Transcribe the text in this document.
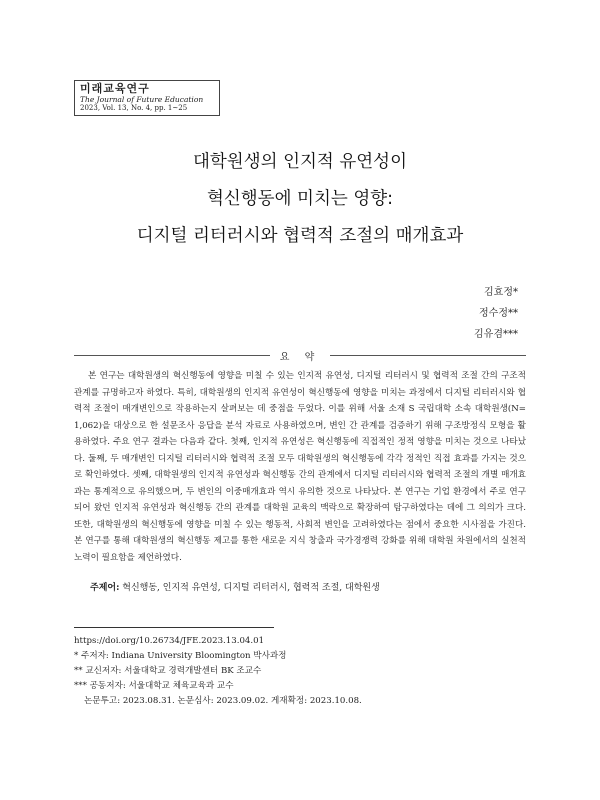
미래교육연구
The Journal of Future Education
2023, Vol. 13, No. 4, pp. 1~25
대학원생의 인지적 유연성이
혁신행동에 미치는 영향:
디지털 리터러시와 협력적 조절의 매개효과
김효정*
정수정**
김유겸***
요 약

본 연구는 대학원생의 혁신행동에 영향을 미칠 수 있는 인지적 유연성, 디지털 리터러시 및 협력적 조절 간의 구조적 관계를 규명하고자 하였다. 특히, 대학원생의 인지적 유연성이 혁신행동에 영향을 미치는 과정에서 디지털 리터러시와 협력적 조절이 매개변인으로 작용하는지 살펴보는 데 중점을 두었다. 이를 위해 서울 소재 S 국립대학 소속 대학원생(N= 1,062)을 대상으로 한 설문조사 응답을 분석 자료로 사용하였으며, 변인 간 관계를 검증하기 위해 구조방정식 모형을 활용하였다. 주요 연구 결과는 다음과 같다. 첫째, 인지적 유연성은 혁신행동에 직접적인 정적 영향을 미치는 것으로 나타났다. 둘째, 두 매개변인 디지털 리터러시와 협력적 조절 모두 대학원생의 혁신행동에 각각 정적인 직접 효과를 가지는 것으로 확인하였다. 셋째, 대학원생의 인지적 유연성과 혁신행동 간의 관계에서 디지털 리터러시와 협력적 조절의 개별 매개효과는 통계적으로 유의했으며, 두 변인의 이중매개효과 역시 유의한 것으로 나타났다. 본 연구는 기업 환경에서 주로 연구되어 왔던 인지적 유연성과 혁신행동 간의 관계를 대학원 교육의 맥락으로 확장하여 탐구하였다는 데에 그 의의가 크다. 또한, 대학원생의 혁신행동에 영향을 미칠 수 있는 행동적, 사회적 변인을 고려하였다는 점에서 중요한 시사점을 가진다. 본 연구를 통해 대학원생의 혁신행동 제고를 통한 새로운 지식 창출과 국가경쟁력 강화를 위해 대학원 차원에서의 실천적 노력이 필요함을 제언하였다.

주제어: 혁신행동, 인지적 유연성, 디지털 리터러시, 협력적 조절, 대학원생
https://doi.org/10.26734/JFE.2023.13.04.01
* 주저자: Indiana University Bloomington 박사과정
** 교신저자: 서울대학교 경력개발센터 BK 조교수
*** 공동저자: 서울대학교 체육교육과 교수
논문투고: 2023.08.31. 논문심사: 2023.09.02. 게재확정: 2023.10.08.
